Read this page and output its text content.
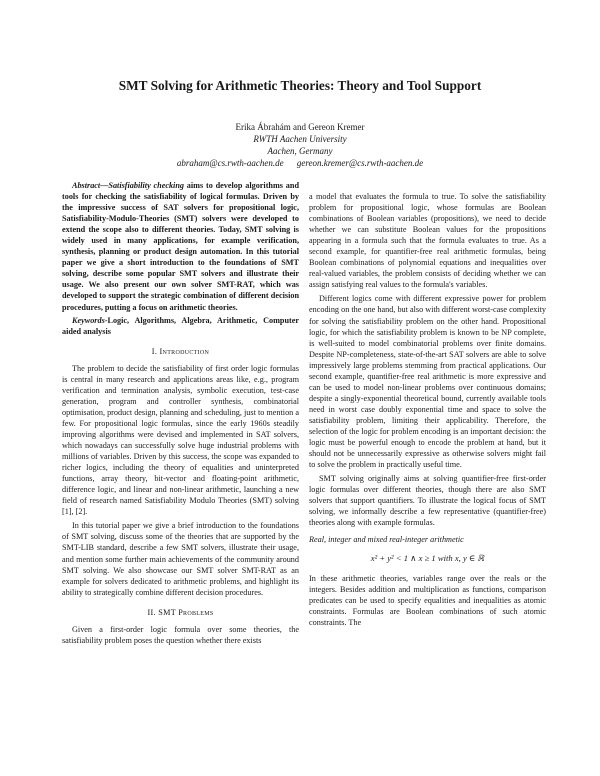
SMT Solving for Arithmetic Theories: Theory and Tool Support
Erika Ábrahám and Gereon Kremer
RWTH Aachen University
Aachen, Germany
abraham@cs.rwth-aachen.de gereon.kremer@cs.rwth-aachen.de

Abstract—Satisfiability checking aims to develop algorithms and tools for checking the satisfiability of logical formulas. Driven by the impressive success of SAT solvers for propositional logic, Satisfiability-Modulo-Theories (SMT) solvers were developed to extend the scope also to different theories. Today, SMT solving is widely used in many applications, for example verification, synthesis, planning or product design automation. In this tutorial paper we give a short introduction to the foundations of SMT solving, describe some popular SMT solvers and illustrate their usage. We also present our own solver SMT-RAT, which was developed to support the strategic combination of different decision procedures, putting a focus on arithmetic theories.

Keywords-Logic, Algorithms, Algebra, Arithmetic, Computer aided analysis

I. Introduction

The problem to decide the satisfiability of first order logic formulas is central in many research and applications areas like, e.g., program verification and termination analysis, symbolic execution, test-case generation, program and controller synthesis, combinatorial optimisation, product design, planning and scheduling, just to mention a few. For propositional logic formulas, since the early 1960s steadily improving algorithms were devised and implemented in SAT solvers, which nowadays can successfully solve huge industrial problems with millions of variables. Driven by this success, the scope was expanded to richer logics, including the theory of equalities and uninterpreted functions, array theory, bit-vector and floating-point arithmetic, difference logic, and linear and non-linear arithmetic, launching a new field of research named Satisfiability Modulo Theories (SMT) solving [1], [2].

In this tutorial paper we give a brief introduction to the foundations of SMT solving, discuss some of the theories that are supported by the SMT-LIB standard, describe a few SMT solvers, illustrate their usage, and mention some further main achievements of the community around SMT solving. We also showcase our SMT solver SMT-RAT as an example for solvers dedicated to arithmetic problems, and highlight its ability to strategically combine different decision procedures.

II. SMT Problems

Given a first-order logic formula over some theories, the satisfiability problem poses the question whether there exists

a model that evaluates the formula to true. To solve the satisfiability problem for propositional logic, whose formulas are Boolean combinations of Boolean variables (propositions), we need to decide whether we can substitute Boolean values for the propositions appearing in a formula such that the formula evaluates to true. As a second example, for quantifier-free real arithmetic formulas, being Boolean combinations of polynomial equations and inequalities over real-valued variables, the problem consists of deciding whether we can assign satisfying real values to the formula's variables.

Different logics come with different expressive power for problem encoding on the one hand, but also with different worst-case complexity for solving the satisfiability problem on the other hand. Propositional logic, for which the satisfiability problem is known to be NP complete, is well-suited to model combinatorial problems over finite domains. Despite NP-completeness, state-of-the-art SAT solvers are able to solve impressively large problems stemming from practical applications. Our second example, quantifier-free real arithmetic is more expressive and can be used to model non-linear problems over continuous domains; despite a singly-exponential theoretical bound, currently available tools need in worst case doubly exponential time and space to solve the satisfiability problem, limiting their applicability. Therefore, the selection of the logic for problem encoding is an important decision: the logic must be powerful enough to encode the problem at hand, but it should not be unnecessarily expressive as otherwise solvers might fail to solve the problem in practically useful time.

SMT solving originally aims at solving quantifier-free first-order logic formulas over different theories, though there are also SMT solvers that support quantifiers. To illustrate the logical focus of SMT solving, we informally describe a few representative (quantifier-free) theories along with example formulas.

Real, integer and mixed real-integer arithmetic

x² + y² < 1 ∧ x ≥ 1 with x, y ∈ ℝ

In these arithmetic theories, variables range over the reals or the integers. Besides addition and multiplication as functions, comparison predicates can be used to specify equalities and inequalities as atomic constraints. Formulas are Boolean combinations of such atomic constraints. The
